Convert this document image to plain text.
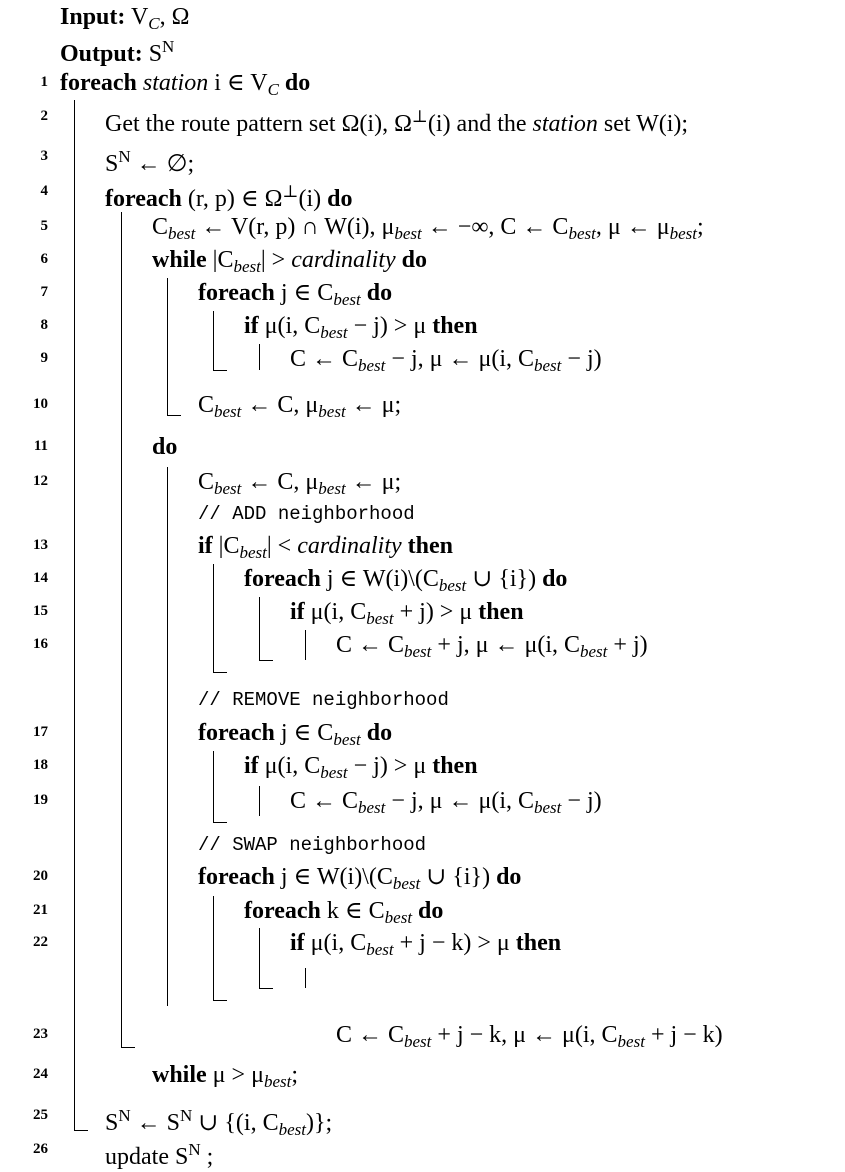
Input: $V_C$, Ω
Output: $S^N$
1 foreach station i ∈ $V_C$ do
2 Get the route pattern set Ω(i), Ω⊥(i) and the station set W(i);
3 $S^N$ ← ∅;
4 foreach (r, p) ∈ Ω⊥(i) do
5	$C_{best}$ ← V(r, p) ∩ W(i), $\mu_{best}$ ← −∞, C ← $C_{best}$, μ ← $\mu_{best}$;
6	while $|C_{best}|$ > cardinality do
7	foreach j ∈ $C_{best}$ do
8	if μ(i, $C_{best} - j) > \mu$ then
9	C ← $C_{best} - j$, μ ← μ(i, $C_{best} - j$)
10	$C_{best}$ ← C, $\mu_{best}$ ← μ;
11	do
12	$C_{best}$ ← C, $\mu_{best}$ ← μ;
// ADD neighborhood
13	if $|C_{best}|$ < cardinality then
14	foreach j ∈ $W(i)\backslash(C_{best}$ ∪ {i}) do
15	if μ(i, $C_{best} + j) > \mu$ then
16	C ← $C_{best} + j$, μ ← μ(i, $C_{best} + j$)
// REMOVE neighborhood
17	foreach j ∈ $C_{best}$ do
18	if μ(i, $C_{best} - j) > \mu$ then
19	C ← $C_{best} - j$, μ ← μ(i, $C_{best} - j$)
// SWAP neighborhood
20	foreach j ∈ $W(i)\backslash(C_{best}$ ∪ {i}) do
21	foreach k ∈ $C_{best}$ do
22	if μ(i, $C_{best} + j - k) > \mu$ then
23	C ← $C_{best} + j - k$, μ ← μ(i, $C_{best} + j - k$)
24	while $\mu > \mu_{best}$;
25 $S^N$ ← $S^N$ ∪ {(i, $C_{best}$)};
26 update $S^N$ ;
